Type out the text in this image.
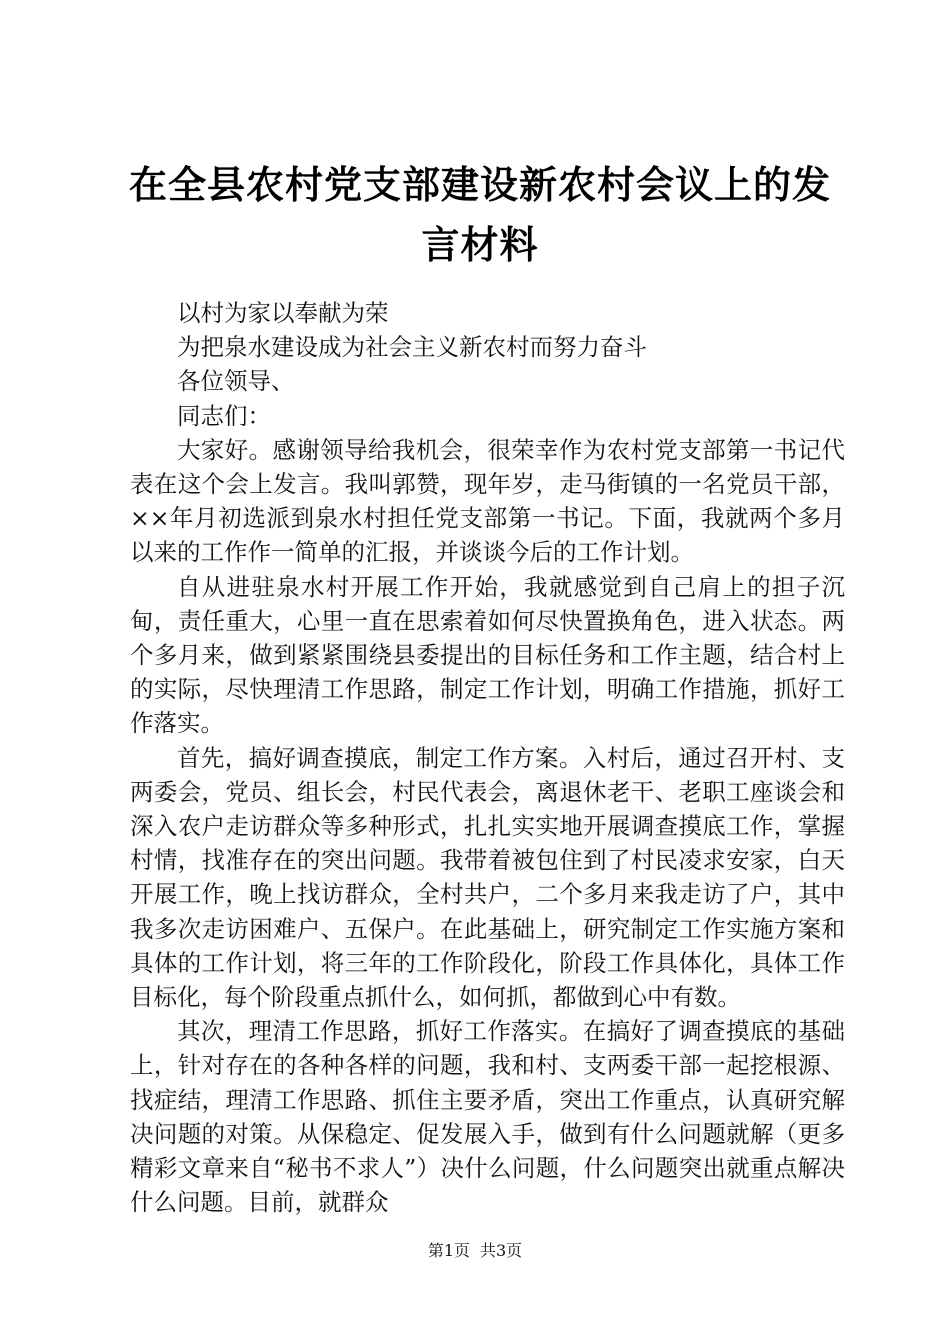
在全县农村党支部建设新农村会议上的发言材料

以村为家以奉献为荣

为把泉水建设成为社会主义新农村而努力奋斗

各位领导、

同志们：

大家好。感谢领导给我机会，很荣幸作为农村党支部第一书记代表在这个会上发言。我叫郭赞，现年岁，走马街镇的一名党员干部，××年月初选派到泉水村担任党支部第一书记。下面，我就两个多月以来的工作作一简单的汇报，并谈谈今后的工作计划。

自从进驻泉水村开展工作开始，我就感觉到自己肩上的担子沉甸，责任重大，心里一直在思索着如何尽快置换角色，进入状态。两个多月来，做到紧紧围绕县委提出的目标任务和工作主题，结合村上的实际，尽快理清工作思路，制定工作计划，明确工作措施，抓好工作落实。

首先，搞好调查摸底，制定工作方案。入村后，通过召开村、支两委会，党员、组长会，村民代表会，离退休老干、老职工座谈会和深入农户走访群众等多种形式，扎扎实实地开展调查摸底工作，掌握村情，找准存在的突出问题。我带着被包住到了村民凌求安家，白天开展工作，晚上找访群众，全村共户，二个多月来我走访了户，其中我多次走访困难户、五保户。在此基础上，研究制定工作实施方案和具体的工作计划，将三年的工作阶段化，阶段工作具体化，具体工作目标化，每个阶段重点抓什么，如何抓，都做到心中有数。

其次，理清工作思路，抓好工作落实。在搞好了调查摸底的基础上，针对存在的各种各样的问题，我和村、支两委干部一起挖根源、找症结，理清工作思路、抓住主要矛盾，突出工作重点，认真研究解决问题的对策。从保稳定、促发展入手，做到有什么问题就解（更多精彩文章来自“秘书不求人”）决什么问题，什么问题突出就重点解决什么问题。目前，就群众

第1页 共3页
